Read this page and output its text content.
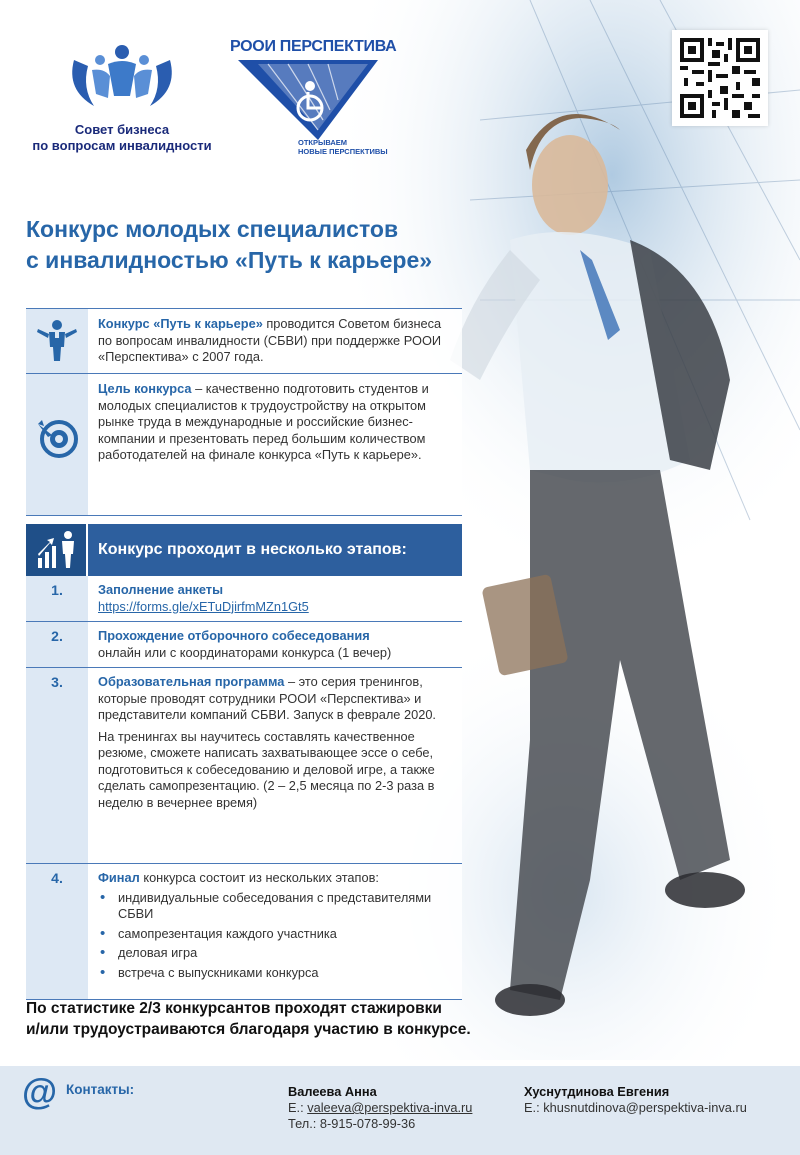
Совет бизнеса
по вопросам инвалидности
РООИ ПЕРСПЕКТИВА
ОТКРЫВАЕМ
НОВЫЕ ПЕРСПЕКТИВЫ
Конкурс молодых специалистов
с инвалидностью «Путь к карьере»
Конкурс «Путь к карьере» проводится Советом бизнеса по вопросам инвалидности (СБВИ) при поддержке РООИ «Перспектива» с 2007 года.
Цель конкурса – качественно подготовить студентов и молодых специалистов к трудоустройству на открытом рынке труда в международные и российские бизнес-компании и презентовать перед большим количеством работодателей на финале конкурса «Путь к карьере».
Конкурс проходит в несколько этапов:
1.	Заполнение анкеты
https://forms.gle/xETuDjirfmMZn1Gt5
2.	Прохождение отборочного собеседования
онлайн или с координаторами конкурса (1 вечер)
3.	Образовательная программа – это серия тренингов, которые проводят сотрудники РООИ «Перспектива» и представители компаний СБВИ. Запуск в феврале 2020.

На тренингах вы научитесь составлять качественное резюме, сможете написать захватывающее эссе о себе, подготовиться к собеседованию и деловой игре, а также сделать самопрезентацию. (2 – 2,5 месяца по 2-3 раза в неделю в вечернее время)

4.	Финал конкурса состоит из нескольких этапов:
• индивидуальные собеседования с представителями СБВИ
• самопрезентация каждого участника
• деловая игра
• встреча с выпускниками конкурса
По статистике 2/3 конкурсантов проходят стажировки
и/или трудоустраиваются благодаря участию в конкурсе.
@ Контакты:	Валеева Анна
E.: valeeva@perspektiva-inva.ru
Тел.: 8-915-078-99-36
Хуснутдинова Евгения
E.: khusnutdinova@perspektiva-inva.ru
